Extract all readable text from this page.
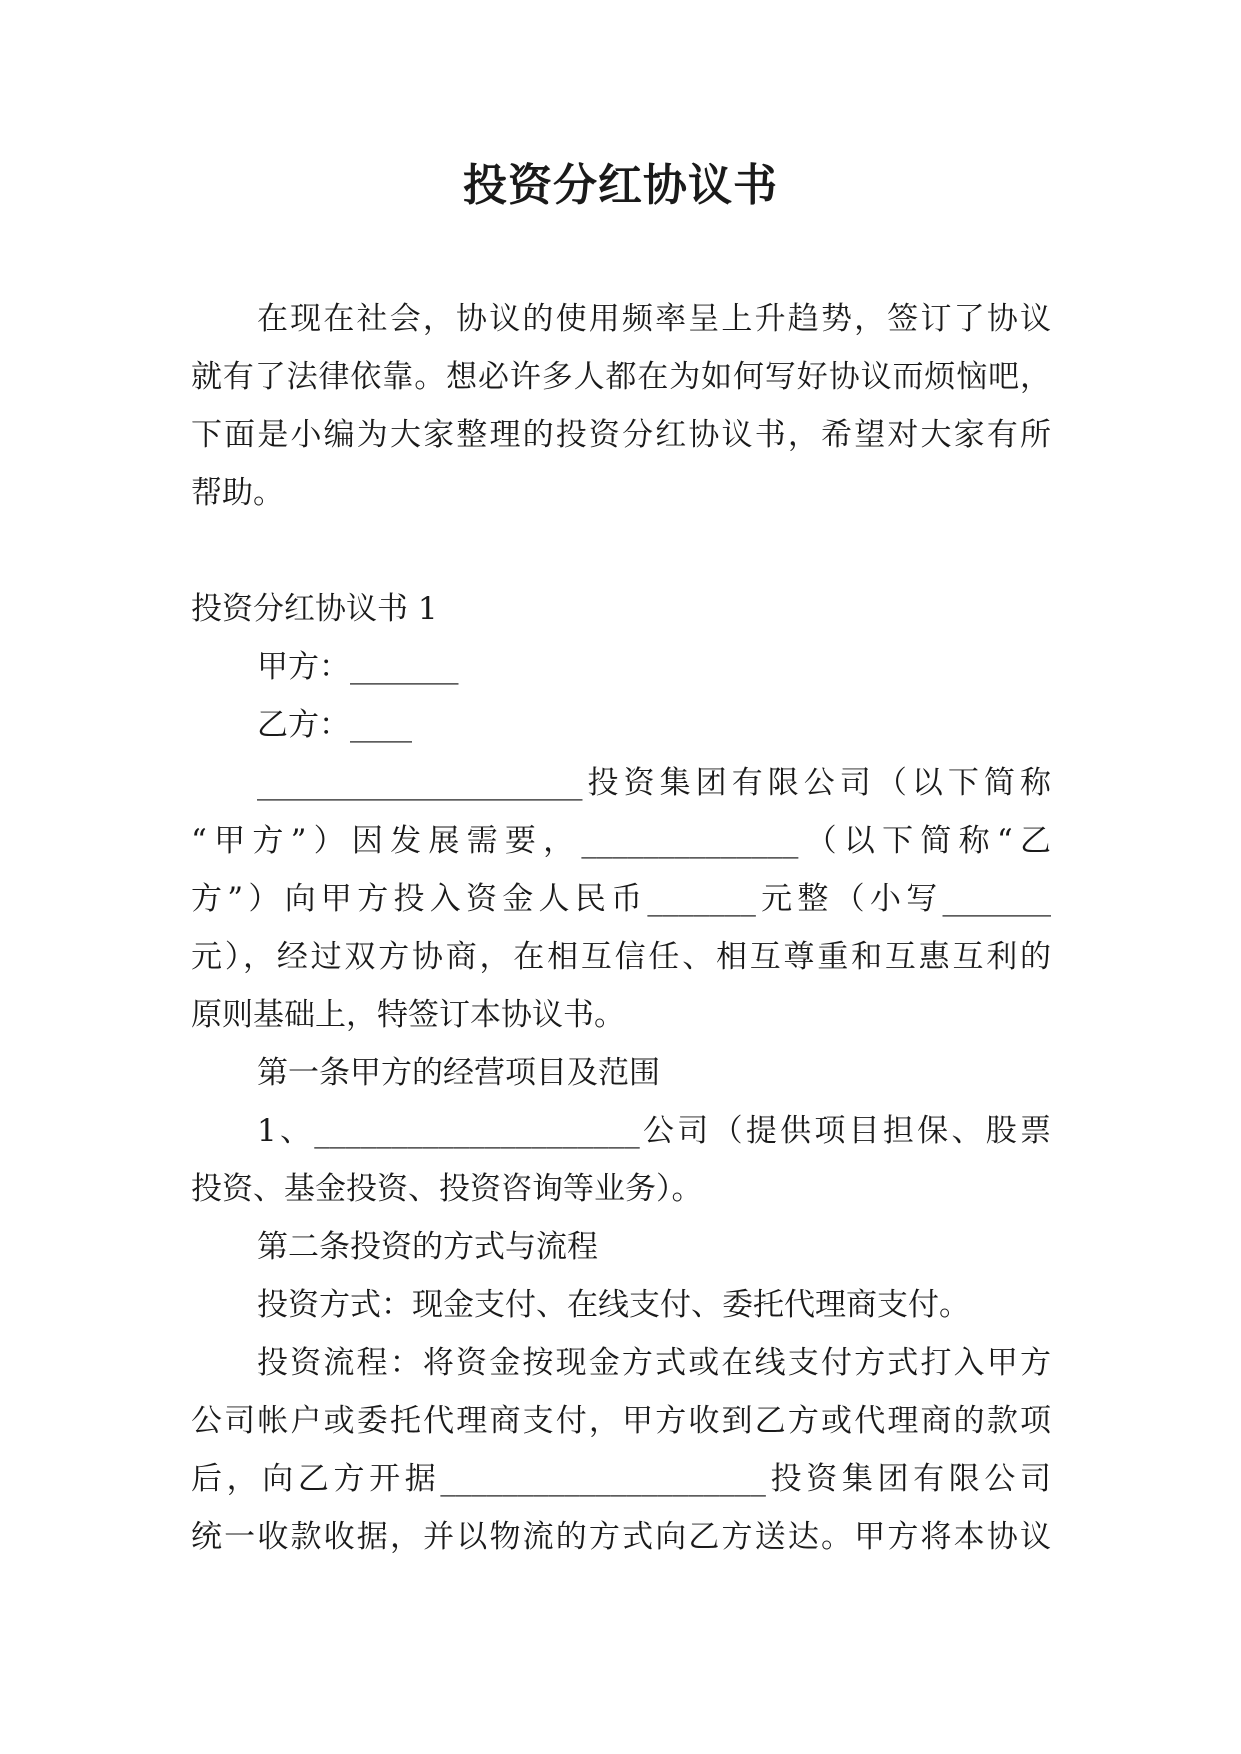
投资分红协议书
在现在社会，协议的使用频率呈上升趋势，签订了协议
就有了法律依靠。想必许多人都在为如何写好协议而烦恼吧，
下面是小编为大家整理的投资分红协议书，希望对大家有所
帮助。
投资分红协议书 1
甲方：_______
乙方：____
_____________________投资集团有限公司（以下简称
“甲方”）因发展需要，______________（以下简称“乙
方”）向甲方投入资金人民币_______元整（小写_______
元），经过双方协商，在相互信任、相互尊重和互惠互利的
原则基础上，特签订本协议书。
第一条甲方的经营项目及范围
1、_____________________公司（提供项目担保、股票
投资、基金投资、投资咨询等业务）。
第二条投资的方式与流程
投资方式：现金支付、在线支付、委托代理商支付。
投资流程：将资金按现金方式或在线支付方式打入甲方
公司帐户或委托代理商支付，甲方收到乙方或代理商的款项
后，向乙方开据_____________________投资集团有限公司
统一收款收据，并以物流的方式向乙方送达。甲方将本协议
